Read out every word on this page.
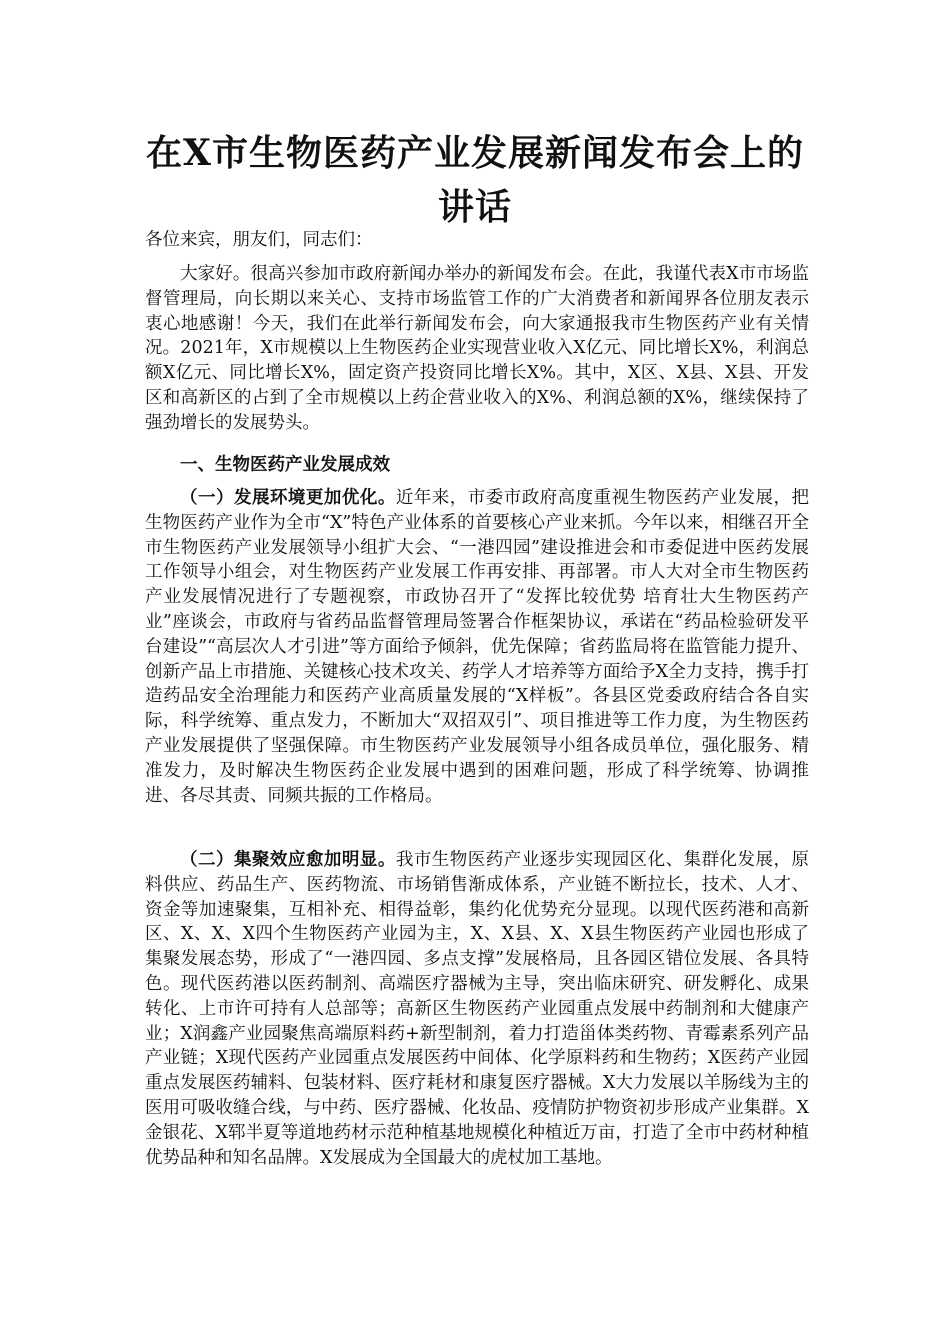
在X市生物医药产业发展新闻发布会上的讲话

各位来宾，朋友们，同志们：

大家好。很高兴参加市政府新闻办举办的新闻发布会。在此，我谨代表X市市场监督管理局，向长期以来关心、支持市场监管工作的广大消费者和新闻界各位朋友表示衷心地感谢！今天，我们在此举行新闻发布会，向大家通报我市生物医药产业有关情况。2021年，X市规模以上生物医药企业实现营业收入X亿元、同比增长X%，利润总额X亿元、同比增长X%，固定资产投资同比增长X%。其中，X区、X县、X县、开发区和高新区的占到了全市规模以上药企营业收入的X%、利润总额的X%，继续保持了强劲增长的发展势头。

一、生物医药产业发展成效

（一）发展环境更加优化。近年来，市委市政府高度重视生物医药产业发展，把生物医药产业作为全市“X”特色产业体系的首要核心产业来抓。今年以来，相继召开全市生物医药产业发展领导小组扩大会、“一港四园”建设推进会和市委促进中医药发展工作领导小组会，对生物医药产业发展工作再安排、再部署。市人大对全市生物医药产业发展情况进行了专题视察，市政协召开了“发挥比较优势 培育壮大生物医药产业”座谈会，市政府与省药品监督管理局签署合作框架协议，承诺在“药品检验研发平台建设”“高层次人才引进”等方面给予倾斜，优先保障；省药监局将在监管能力提升、创新产品上市措施、关键核心技术攻关、药学人才培养等方面给予X全力支持，携手打造药品安全治理能力和医药产业高质量发展的“X样板”。各县区党委政府结合各自实际，科学统筹、重点发力，不断加大“双招双引”、项目推进等工作力度，为生物医药产业发展提供了坚强保障。市生物医药产业发展领导小组各成员单位，强化服务、精准发力，及时解决生物医药企业发展中遇到的困难问题，形成了科学统筹、协调推进、各尽其责、同频共振的工作格局。

（二）集聚效应愈加明显。我市生物医药产业逐步实现园区化、集群化发展，原料供应、药品生产、医药物流、市场销售渐成体系，产业链不断拉长，技术、人才、资金等加速聚集，互相补充、相得益彰，集约化优势充分显现。以现代医药港和高新区、X、X、X四个生物医药产业园为主，X、X县、X、X县生物医药产业园也形成了集聚发展态势，形成了“一港四园、多点支撑”发展格局，且各园区错位发展、各具特色。现代医药港以医药制剂、高端医疗器械为主导，突出临床研究、研发孵化、成果转化、上市许可持有人总部等；高新区生物医药产业园重点发展中药制剂和大健康产业；X润鑫产业园聚焦高端原料药+新型制剂，着力打造甾体类药物、青霉素系列产品产业链；X现代医药产业园重点发展医药中间体、化学原料药和生物药；X医药产业园重点发展医药辅料、包装材料、医疗耗材和康复医疗器械。X大力发展以羊肠线为主的医用可吸收缝合线，与中药、医疗器械、化妆品、疫情防护物资初步形成产业集群。X金银花、X郓半夏等道地药材示范种植基地规模化种植近万亩，打造了全市中药材种植优势品种和知名品牌。X发展成为全国最大的虎杖加工基地。
